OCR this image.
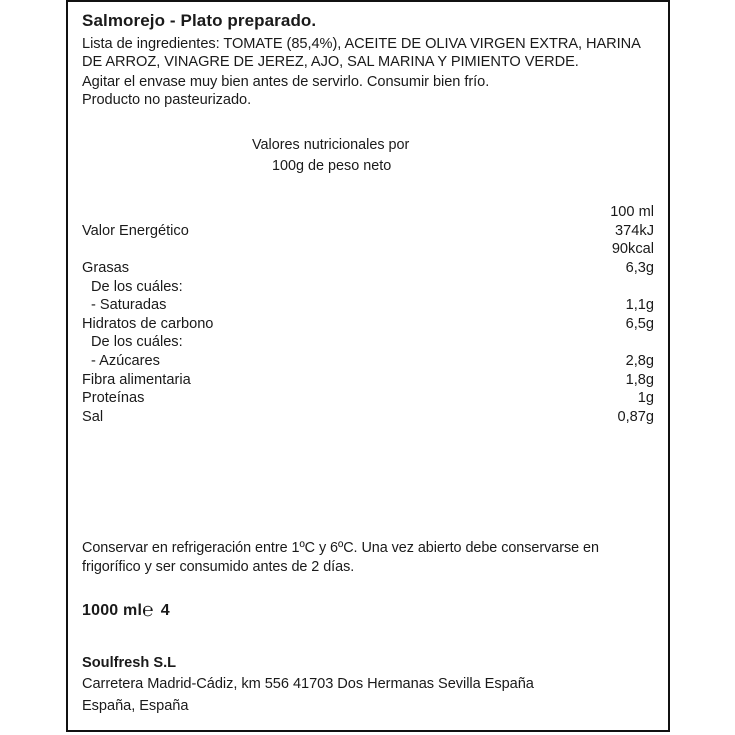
Salmorejo - Plato preparado.

Lista de ingredientes: TOMATE (85,4%), ACEITE DE OLIVA VIRGEN EXTRA, HARINA DE ARROZ, VINAGRE DE JEREZ, AJO, SAL MARINA Y PIMIENTO VERDE.

Agitar el envase muy bien antes de servirlo. Consumir bien frío.

Producto no pasteurizado.

Valores nutricionales por
100g de peso neto
	100 ml
Valor Energético	374kJ
	90kcal
Grasas	6,3g
De los cuáles:	
- Saturadas	1,1g
Hidratos de carbono	6,5g
De los cuáles:	
- Azúcares	2,8g
Fibra alimentaria	1,8g
Proteínas	1g
Sal	0,87g
Conservar en refrigeración entre 1ºC y 6ºC. Una vez abierto debe conservarse en frigorífico y ser consumido antes de 2 días.
1000 ml℮ 4

Soulfresh S.L

Carretera Madrid-Cádiz, km 556 41703 Dos Hermanas Sevilla España

España, España
